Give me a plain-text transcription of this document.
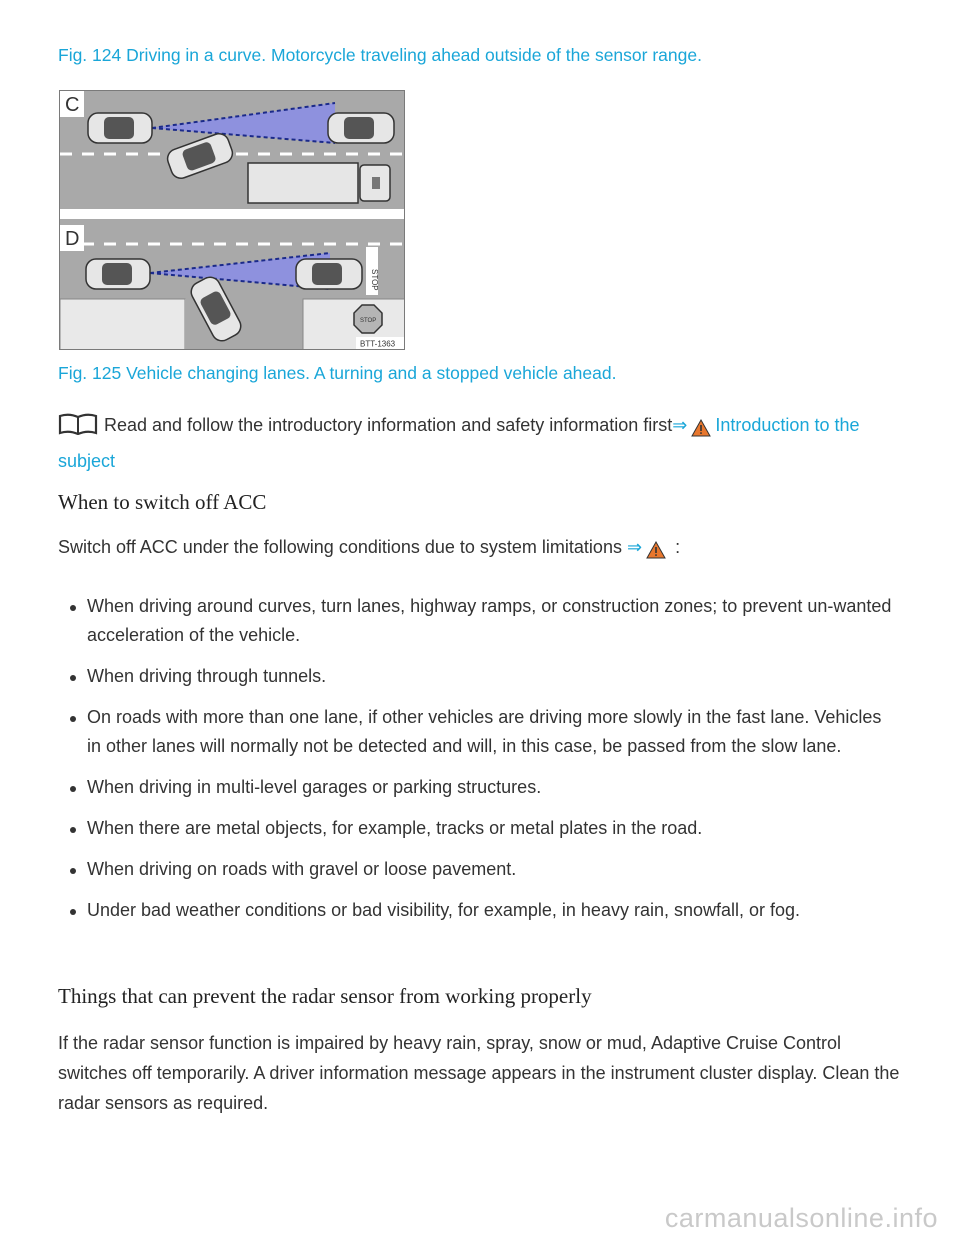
Fig. 124 Driving in a curve. Motorcycle traveling ahead outside of the sensor range.
C
STOP
STOP
D
BTT-1363
Fig. 125 Vehicle changing lanes. A turning and a stopped vehicle ahead.
Read and follow the introductory information and safety information first⇒ Introduction to the subject
When to switch off ACC
Switch off ACC under the following conditions due to system limitations ⇒ :
When driving around curves, turn lanes, highway ramps, or construction zones; to prevent un-wanted acceleration of the vehicle.
When driving through tunnels.
On roads with more than one lane, if other vehicles are driving more slowly in the fast lane. Vehicles in other lanes will normally not be detected and will, in this case, be passed from the slow lane.
When driving in multi-level garages or parking structures.
When there are metal objects, for example, tracks or metal plates in the road.
When driving on roads with gravel or loose pavement.
Under bad weather conditions or bad visibility, for example, in heavy rain, snowfall, or fog.
Things that can prevent the radar sensor from working properly
If the radar sensor function is impaired by heavy rain, spray, snow or mud, Adaptive Cruise Control switches off temporarily. A driver information message appears in the instrument cluster display. Clean the radar sensors as required.
carmanualsonline.info
